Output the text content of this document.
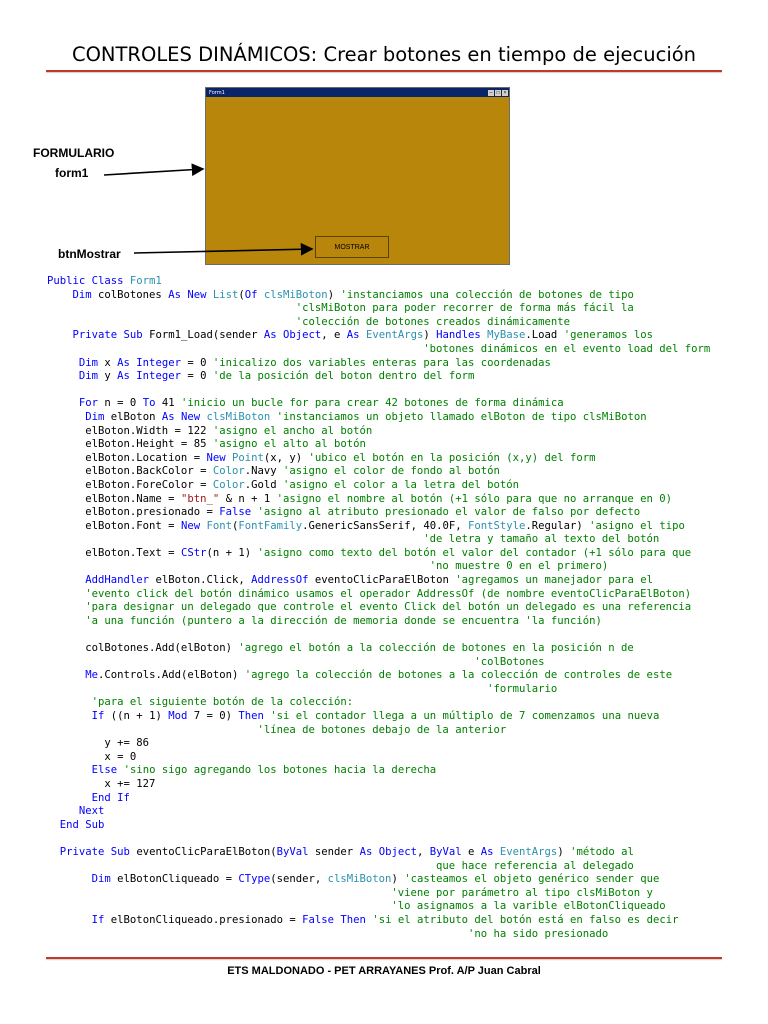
CONTROLES DINÁMICOS: Crear botones en tiempo de ejecución
Form1	– □ ×
MOSTRAR
FORMULARIO
form1
btnMostrar
Public Class Form1
Dim colBotones As New List(Of clsMiBoton) 'instanciamos una colección de botones de tipo
'clsMiBoton para poder recorrer de forma más fácil la
'colección de botones creados dinámicamente
Private Sub Form1_Load(sender As Object, e As EventArgs) Handles MyBase.Load 'generamos los
'botones dinámicos en el evento load del form
Dim x As Integer = 0 'inicalizo dos variables enteras para las coordenadas
Dim y As Integer = 0 'de la posición del boton dentro del form
For n = 0 To 41 'inicio un bucle for para crear 42 botones de forma dinámica
Dim elBoton As New clsMiBoton 'instanciamos un objeto llamado elBoton de tipo clsMiBoton
elBoton.Width = 122 'asigno el ancho al botón
elBoton.Height = 85 'asigno el alto al botón
elBoton.Location = New Point(x, y) 'ubico el botón en la posición (x,y) del form
elBoton.BackColor = Color.Navy 'asigno el color de fondo al botón
elBoton.ForeColor = Color.Gold 'asigno el color a la letra del botón
elBoton.Name = "btn_" & n + 1 'asigno el nombre al botón (+1 sólo para que no arranque en 0)
elBoton.presionado = False 'asigno al atributo presionado el valor de falso por defecto
elBoton.Font = New Font(FontFamily.GenericSansSerif, 40.0F, FontStyle.Regular) 'asigno el tipo
'de letra y tamaño al texto del botón
elBoton.Text = CStr(n + 1) 'asigno como texto del botón el valor del contador (+1 sólo para que
'no muestre 0 en el primero)
AddHandler elBoton.Click, AddressOf eventoClicParaElBoton 'agregamos un manejador para el
'evento click del botón dinámico usamos el operador AddressOf (de nombre eventoClicParaElBoton)
'para designar un delegado que controle el evento Click del botón un delegado es una referencia
'a una función (puntero a la dirección de memoria donde se encuentra 'la función)
colBotones.Add(elBoton) 'agrego el botón a la colección de botones en la posición n de
'colBotones
Me.Controls.Add(elBoton) 'agrego la colección de botones a la colección de controles de este
'formulario
'para el siguiente botón de la colección:
If ((n + 1) Mod 7 = 0) Then 'si el contador llega a un múltiplo de 7 comenzamos una nueva
'línea de botones debajo de la anterior
y += 86
x = 0
Else 'sino sigo agregando los botones hacia la derecha
x += 127
End If
Next
End Sub
Private Sub eventoClicParaElBoton(ByVal sender As Object, ByVal e As EventArgs) 'método al
que hace referencia al delegado
Dim elBotonCliqueado = CType(sender, clsMiBoton) 'casteamos el objeto genérico sender que
'viene por parámetro al tipo clsMiBoton y
'lo asignamos a la varible elBotonCliqueado
If elBotonCliqueado.presionado = False Then 'si el atributo del botón está en falso es decir
'no ha sido presionado
ETS MALDONADO - PET ARRAYANES Prof. A/P Juan Cabral
